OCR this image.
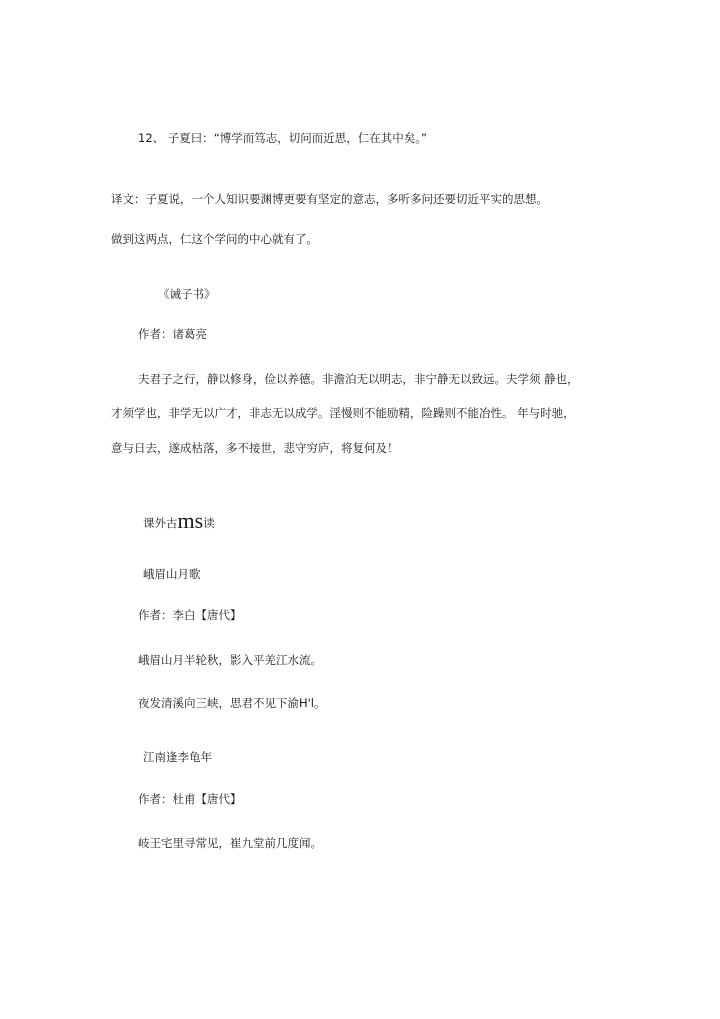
12、 子夏曰：“博学而笃志，切问而近思，仁在其中矣。”

译文：子夏说，一个人知识要渊博更要有坚定的意志，多听多问还要切近平实的思想。

做到这两点，仁这个学问的中心就有了。

《诫子书》

作者：诸葛亮

夫君子之行，静以修身，俭以养德。非澹泊无以明志，非宁静无以致远。夫学须 静也，

才须学也，非学无以广才，非志无以成学。淫慢则不能励精，险躁则不能冶性。 年与时驰，

意与日去，遂成枯落，多不接世，悲守穷庐，将复何及！

课外古ms读

峨眉山月歌

作者：李白【唐代】

峨眉山月半轮秋，影入平羌江水流。

夜发清溪向三峡，思君不见下渝H'l。

江南逢李龟年

作者：杜甫【唐代】

岐王宅里寻常见，崔九堂前几度闻。
